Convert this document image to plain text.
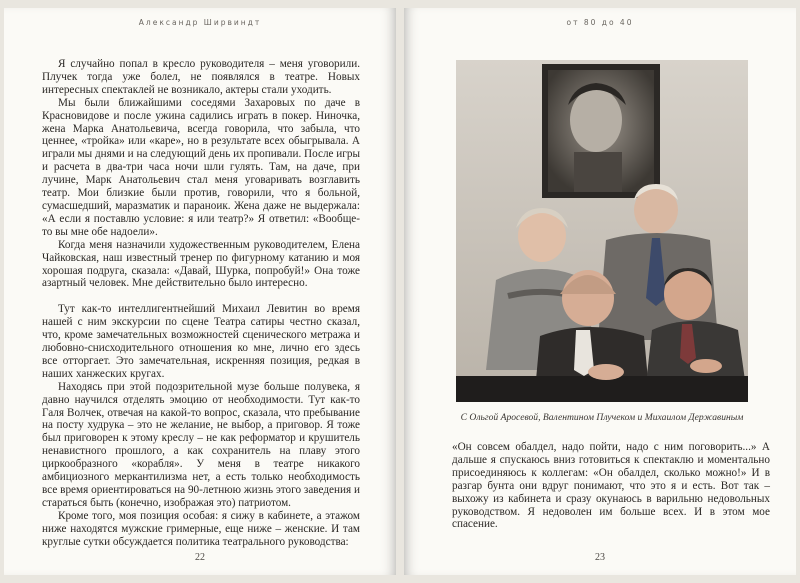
Александр Ширвиндт

Я случайно попал в кресло руководителя – меня уговорили. Плучек тогда уже болел, не появлялся в театре. Новых интересных спектаклей не возникало, актеры стали уходить.

Мы были ближайшими соседями Захаровых по даче в Красновидове и после ужина садились играть в покер. Ниночка, жена Марка Анатольевича, всегда говорила, что забыла, что ценнее, «тройка» или «каре», но в результате всех обыгрывала. А играли мы днями и на следующий день их пропивали. После игры и расчета в два-три часа ночи шли гулять. Там, на даче, при лучине, Марк Анатольевич стал меня уговаривать возглавить театр. Мои близкие были против, говорили, что я больной, сумасшедший, маразматик и параноик. Жена даже не выдержала: «А если я поставлю условие: я или театр?» Я ответил: «Вообще-то вы мне обе надоели».

Когда меня назначили художественным руководителем, Елена Чайковская, наш известный тренер по фигурному катанию и моя хорошая подруга, сказала: «Давай, Шурка, попробуй!» Она тоже азартный человек. Мне действительно было интересно.

Тут как-то интеллигентнейший Михаил Левитин во время нашей с ним экскурсии по сцене Театра сатиры честно сказал, что, кроме замечательных возможностей сценического метража и любовно-снисходительного отношения ко мне, лично его здесь все отторгает. Это замечательная, искренняя позиция, редкая в наших ханжеских кругах.

Находясь при этой подозрительной музе больше полувека, я давно научился отделять эмоцию от необходимости. Тут как-то Галя Волчек, отвечая на какой-то вопрос, сказала, что пребывание на посту худрука – это не желание, не выбор, а приговор. Я тоже был приговорен к этому креслу – не как реформатор и крушитель ненавистного прошлого, а как сохранитель на плаву этого циркообразного «корабля». У меня в театре никакого амбициозного меркантилизма нет, а есть только необходимость все время ориентироваться на 90-летнюю жизнь этого заведения и стараться быть (конечно, изображая это) патриотом.

Кроме того, моя позиция особая: я сижу в кабинете, а этажом ниже находятся мужские гримерные, еще ниже – женские. И там круглые сутки обсуждается политика театрального руководства:

22
от 80 до 40
С Ольгой Аросевой, Валентином Плучеком и Михаилом Державиным

«Он совсем обалдел, надо пойти, надо с ним поговорить...» А дальше я спускаюсь вниз готовиться к спектаклю и моментально присоединяюсь к коллегам: «Он обалдел, сколько можно!» И в разгар бунта они вдруг понимают, что это я и есть. Вот так – выхожу из кабинета и сразу окунаюсь в варильню недовольных руководством. Я недоволен им больше всех. И в этом мое спасение.

23
